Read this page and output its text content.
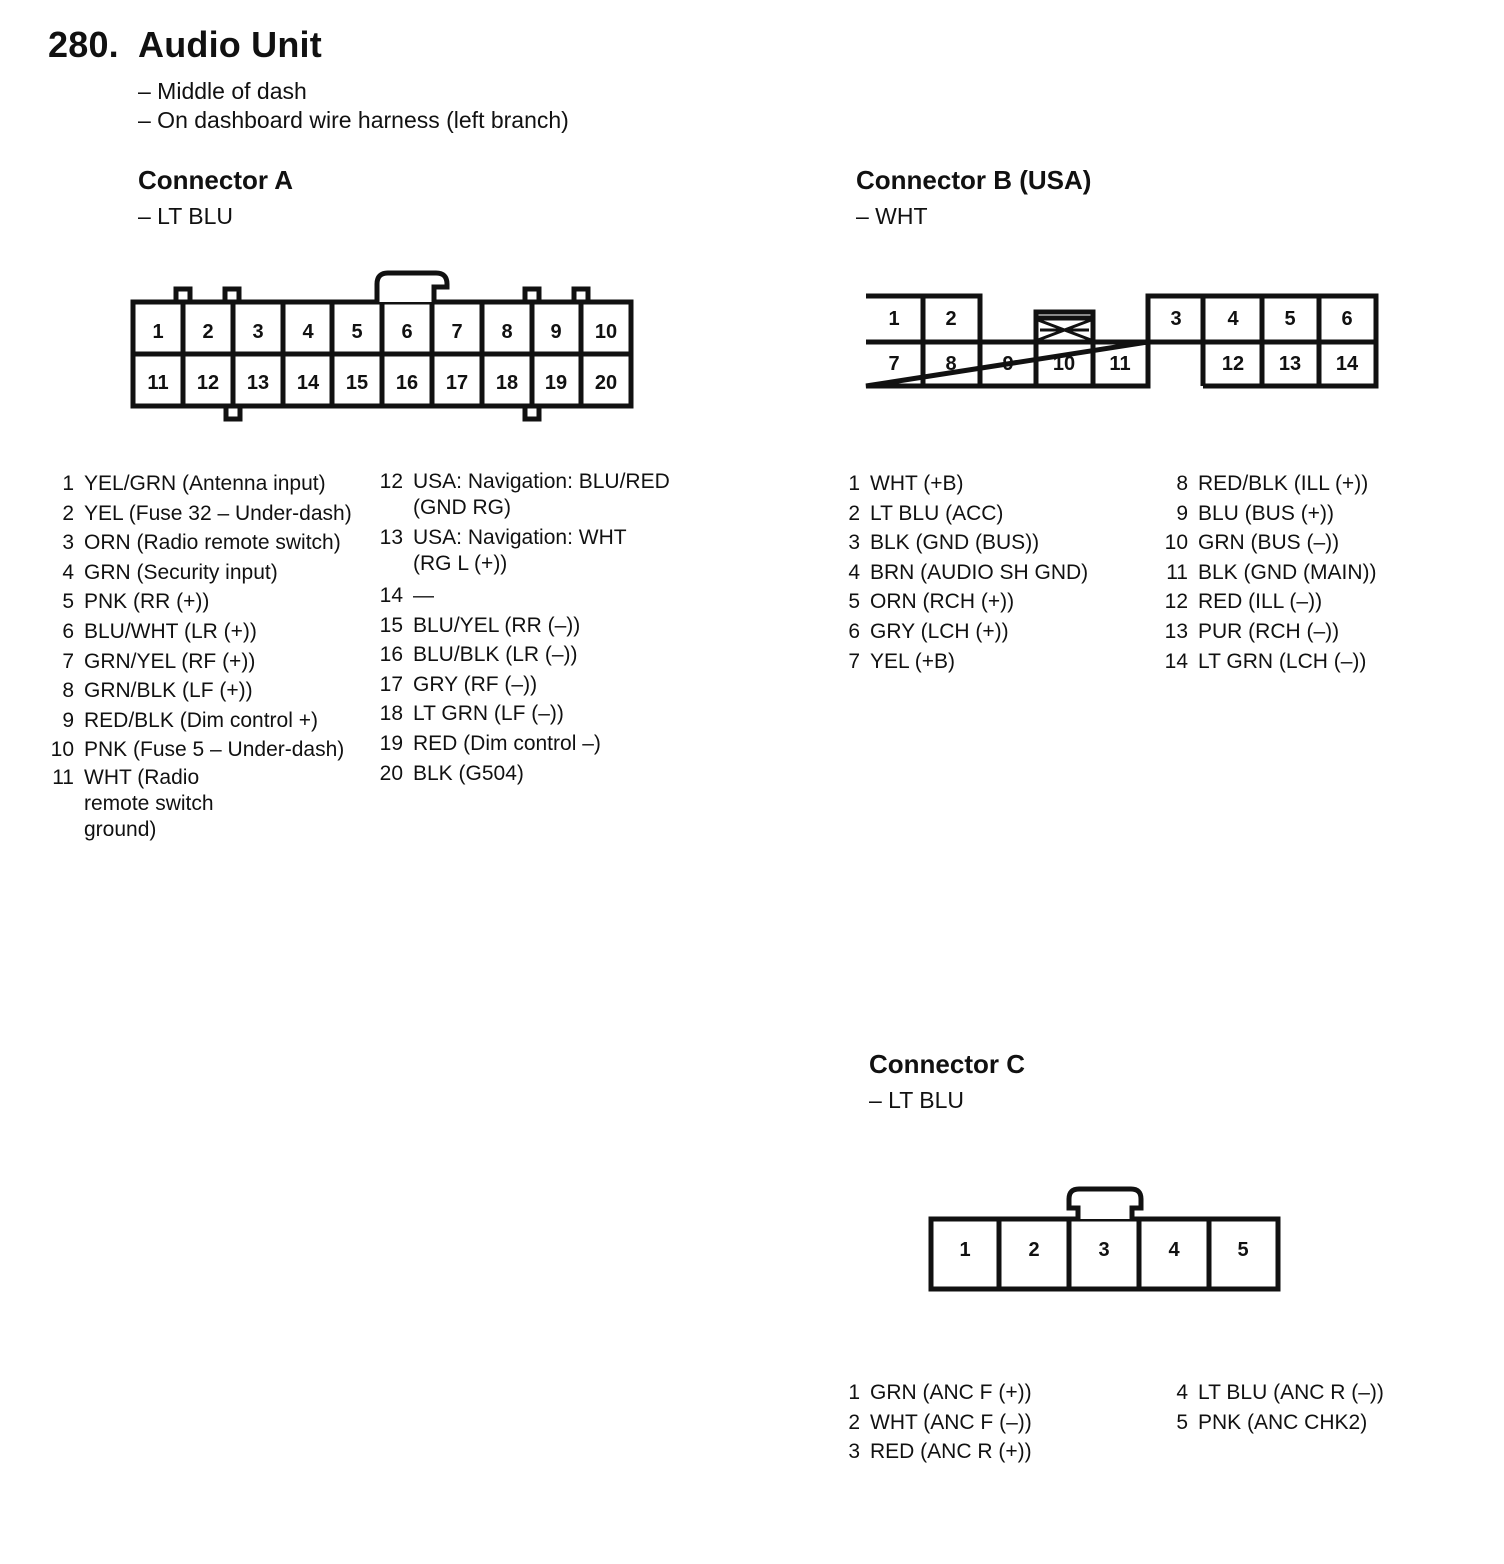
280. Audio Unit
– Middle of dash
– On dashboard wire harness (left branch)
Connector A
– LT BLU
Connector B (USA)
– WHT
Connector C
– LT BLU
1 2 3 4 5 6 7 8 9 10
11 12 13 14 15 16 17 18 19 20
1 2	3 4 5 6
7 8 9 10 11	12 13 14
1	2	3	4	5
1 YEL/GRN (Antenna input)
2 YEL (Fuse 32 – Under-dash)
3 ORN (Radio remote switch)
4 GRN (Security input)
5 PNK (RR (+))
6 BLU/WHT (LR (+))
7 GRN/YEL (RF (+))
8 GRN/BLK (LF (+))
9 RED/BLK (Dim control +)
10 PNK (Fuse 5 – Under-dash)
11 WHT (Radio remote switch ground)
12 USA: Navigation: BLU/RED (GND RG)
13 USA: Navigation: WHT (RG L (+))
14 —
15 BLU/YEL (RR (–))
16 BLU/BLK (LR (–))
17 GRY (RF (–))
18 LT GRN (LF (–))
19 RED (Dim control –)
20 BLK (G504)
1 WHT (+B)
2 LT BLU (ACC)
3 BLK (GND (BUS))
4 BRN (AUDIO SH GND)
5 ORN (RCH (+))
6 GRY (LCH (+))
7 YEL (+B)
8 RED/BLK (ILL (+))
9 BLU (BUS (+))
10 GRN (BUS (–))
11 BLK (GND (MAIN))
12 RED (ILL (–))
13 PUR (RCH (–))
14 LT GRN (LCH (–))
1 GRN (ANC F (+))
2 WHT (ANC F (–))
3 RED (ANC R (+))
4 LT BLU (ANC R (–))
5 PNK (ANC CHK2)
